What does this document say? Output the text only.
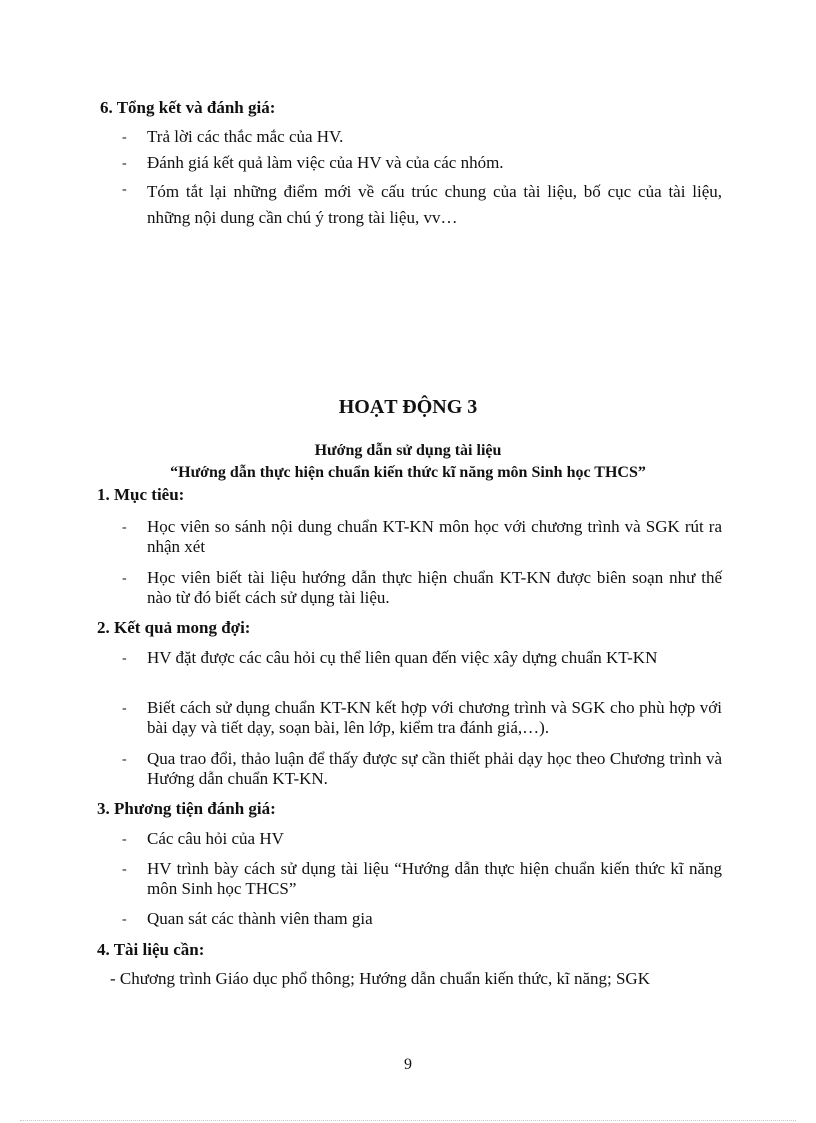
6. Tổng kết và đánh giá:
- Trả lời các thắc mắc của HV.
- Đánh giá kết quả làm việc của HV và của các nhóm.
- Tóm tắt lại những điểm mới về cấu trúc chung của tài liệu, bố cục của tài liệu, những nội dung cần chú ý trong tài liệu, vv…
HOẠT ĐỘNG 3
Hướng dẫn sử dụng tài liệu
“Hướng dẫn thực hiện chuẩn kiến thức kĩ năng môn Sinh học THCS”
1. Mục tiêu:
- Học viên so sánh nội dung chuẩn KT-KN môn học với chương trình và SGK rút ra nhận xét
- Học viên biết tài liệu hướng dẫn thực hiện chuẩn KT-KN được biên soạn như thế nào từ đó biết cách sử dụng tài liệu.
2. Kết quả mong đợi:
- HV đặt được các câu hỏi cụ thể liên quan đến việc xây dựng chuẩn KT-KN
- Biết cách sử dụng chuẩn KT-KN kết hợp với chương trình và SGK cho phù hợp với bài dạy và tiết dạy, soạn bài, lên lớp, kiểm tra đánh giá,…).
- Qua trao đổi, thảo luận để thấy được sự cần thiết phải dạy học theo Chương trình và Hướng dẫn chuẩn KT-KN.
3. Phương tiện đánh giá:
- Các câu hỏi của HV
- HV trình bày cách sử dụng tài liệu “Hướng dẫn thực hiện chuẩn kiến thức kĩ năng môn Sinh học THCS”
- Quan sát các thành viên tham gia
4. Tài liệu cần:
- Chương trình Giáo dục phổ thông; Hướng dẫn chuẩn kiến thức, kĩ năng; SGK
9
